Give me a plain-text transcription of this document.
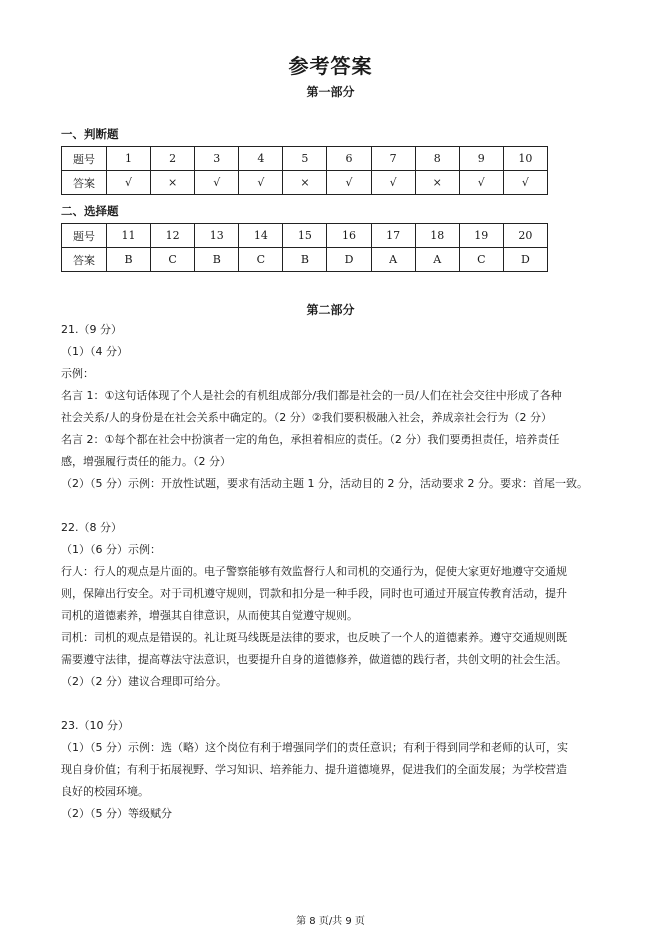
参考答案
第一部分
一、判断题
题号	1	2	3	4	5	6	7	8	9	10
答案	√	×	√	√	×	√	√	×	√	√
二、选择题
题号	11	12	13	14	15	16	17	18	19	20
答案	B	C	B	C	B	D	A	A	C	D
第二部分

21.（9 分）

（1）（4 分）

示例：

名言 1：①这句话体现了个人是社会的有机组成部分/我们都是社会的一员/人们在社会交往中形成了各种

社会关系/人的身份是在社会关系中确定的。（2 分）②我们要积极融入社会，养成亲社会行为（2 分）

名言 2：①每个都在社会中扮演者一定的角色，承担着相应的责任。（2 分）我们要勇担责任，培养责任

感，增强履行责任的能力。（2 分）

（2）（5 分）示例：开放性试题，要求有活动主题 1 分，活动目的 2 分，活动要求 2 分。要求：首尾一致。

22.（8 分）

（1）（6 分）示例：

行人：行人的观点是片面的。电子警察能够有效监督行人和司机的交通行为，促使大家更好地遵守交通规

则，保障出行安全。对于司机遵守规则，罚款和扣分是一种手段，同时也可通过开展宣传教育活动，提升

司机的道德素养，增强其自律意识，从而使其自觉遵守规则。

司机：司机的观点是错误的。礼让斑马线既是法律的要求，也反映了一个人的道德素养。遵守交通规则既

需要遵守法律，提高尊法守法意识，也要提升自身的道德修养，做道德的践行者，共创文明的社会生活。

（2）（2 分）建议合理即可给分。

23.（10 分）

（1）（5 分）示例：选（略）这个岗位有利于增强同学们的责任意识；有利于得到同学和老师的认可，实

现自身价值；有利于拓展视野、学习知识、培养能力、提升道德境界，促进我们的全面发展；为学校营造

良好的校园环境。

（2）（5 分）等级赋分

第 8 页/共 9 页
